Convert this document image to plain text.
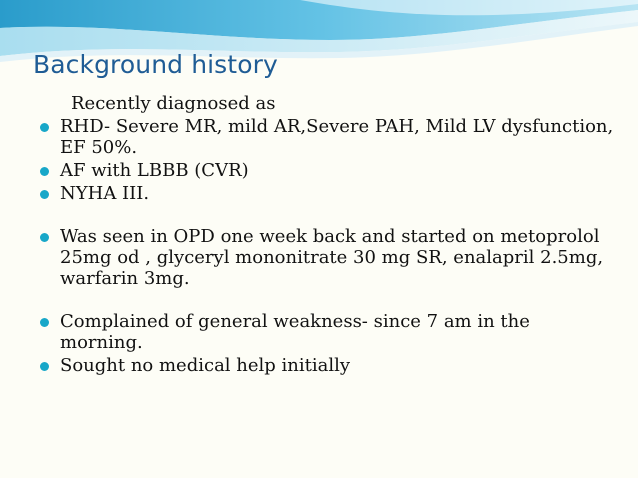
Background history
Recently diagnosed as
RHD- Severe MR, mild AR,Severe PAH, Mild LV dysfunction, EF 50%.
AF with LBBB (CVR)
NYHA III.
Was seen in OPD one week back and started on metoprolol 25mg od , glyceryl mononitrate 30 mg SR, enalapril 2.5mg, warfarin 3mg.
Complained of general weakness- since 7 am in the morning.
Sought no medical help initially
